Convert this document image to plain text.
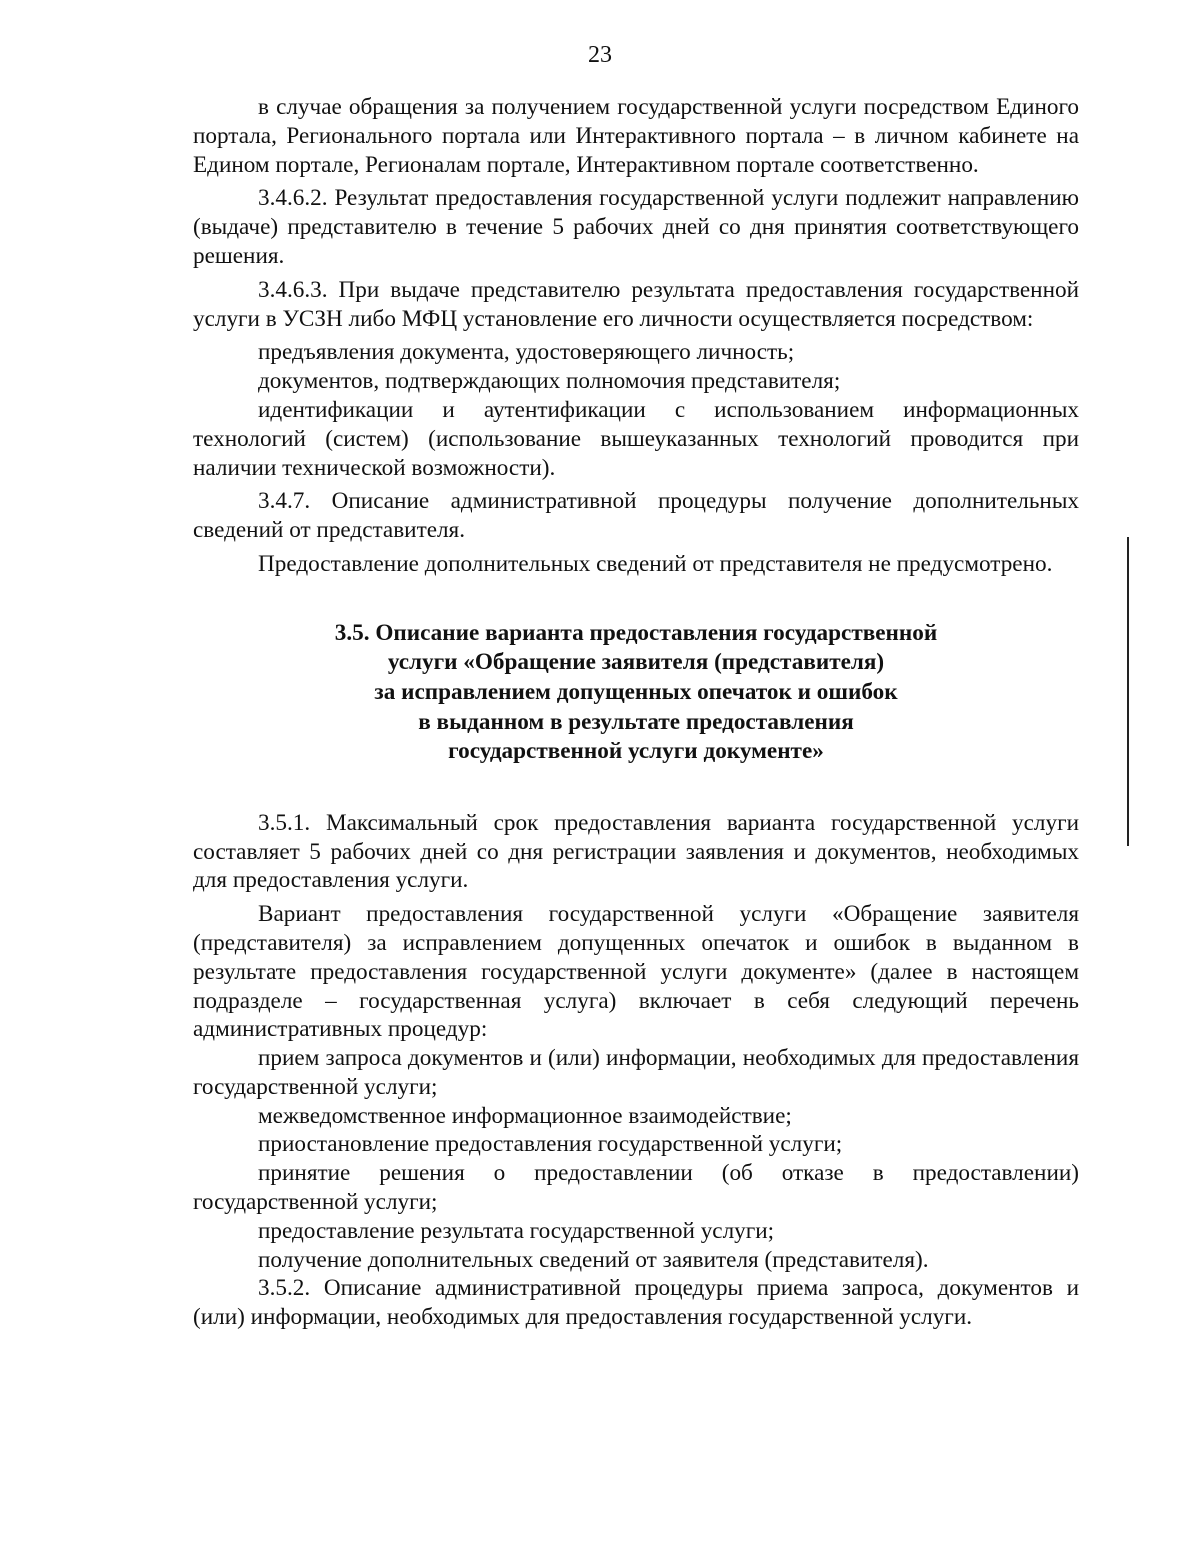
23

в случае обращения за получением государственной услуги посредством Единого портала, Регионального портала или Интерактивного портала – в личном кабинете на Едином портале, Регионалам портале, Интерактивном портале соответственно.

3.4.6.2. Результат предоставления государственной услуги подлежит направлению (выдаче) представителю в течение 5 рабочих дней со дня принятия соответствующего решения.

3.4.6.3. При выдаче представителю результата предоставления государственной услуги в УСЗН либо МФЦ установление его личности осуществляется посредством:

предъявления документа, удостоверяющего личность;

документов, подтверждающих полномочия представителя;

идентификации и аутентификации с использованием информационных технологий (систем) (использование вышеуказанных технологий проводится при наличии технической возможности).

3.4.7. Описание административной процедуры получение дополнительных сведений от представителя.

Предоставление дополнительных сведений от представителя не предусмотрено.

3.5. Описание варианта предоставления государственной
услуги «Обращение заявителя (представителя)
за исправлением допущенных опечаток и ошибок
в выданном в результате предоставления
государственной услуги документе»

3.5.1. Максимальный срок предоставления варианта государственной услуги составляет 5 рабочих дней со дня регистрации заявления и документов, необходимых для предоставления услуги.

Вариант предоставления государственной услуги «Обращение заявителя (представителя) за исправлением допущенных опечаток и ошибок в выданном в результате предоставления государственной услуги документе» (далее в настоящем подразделе – государственная услуга) включает в себя следующий перечень административных процедур:

прием запроса документов и (или) информации, необходимых для предоставления государственной услуги;

межведомственное информационное взаимодействие;

приостановление предоставления государственной услуги;

принятие решения о предоставлении (об отказе в предоставлении) государственной услуги;

предоставление результата государственной услуги;

получение дополнительных сведений от заявителя (представителя).

3.5.2. Описание административной процедуры приема запроса, документов и (или) информации, необходимых для предоставления государственной услуги.
